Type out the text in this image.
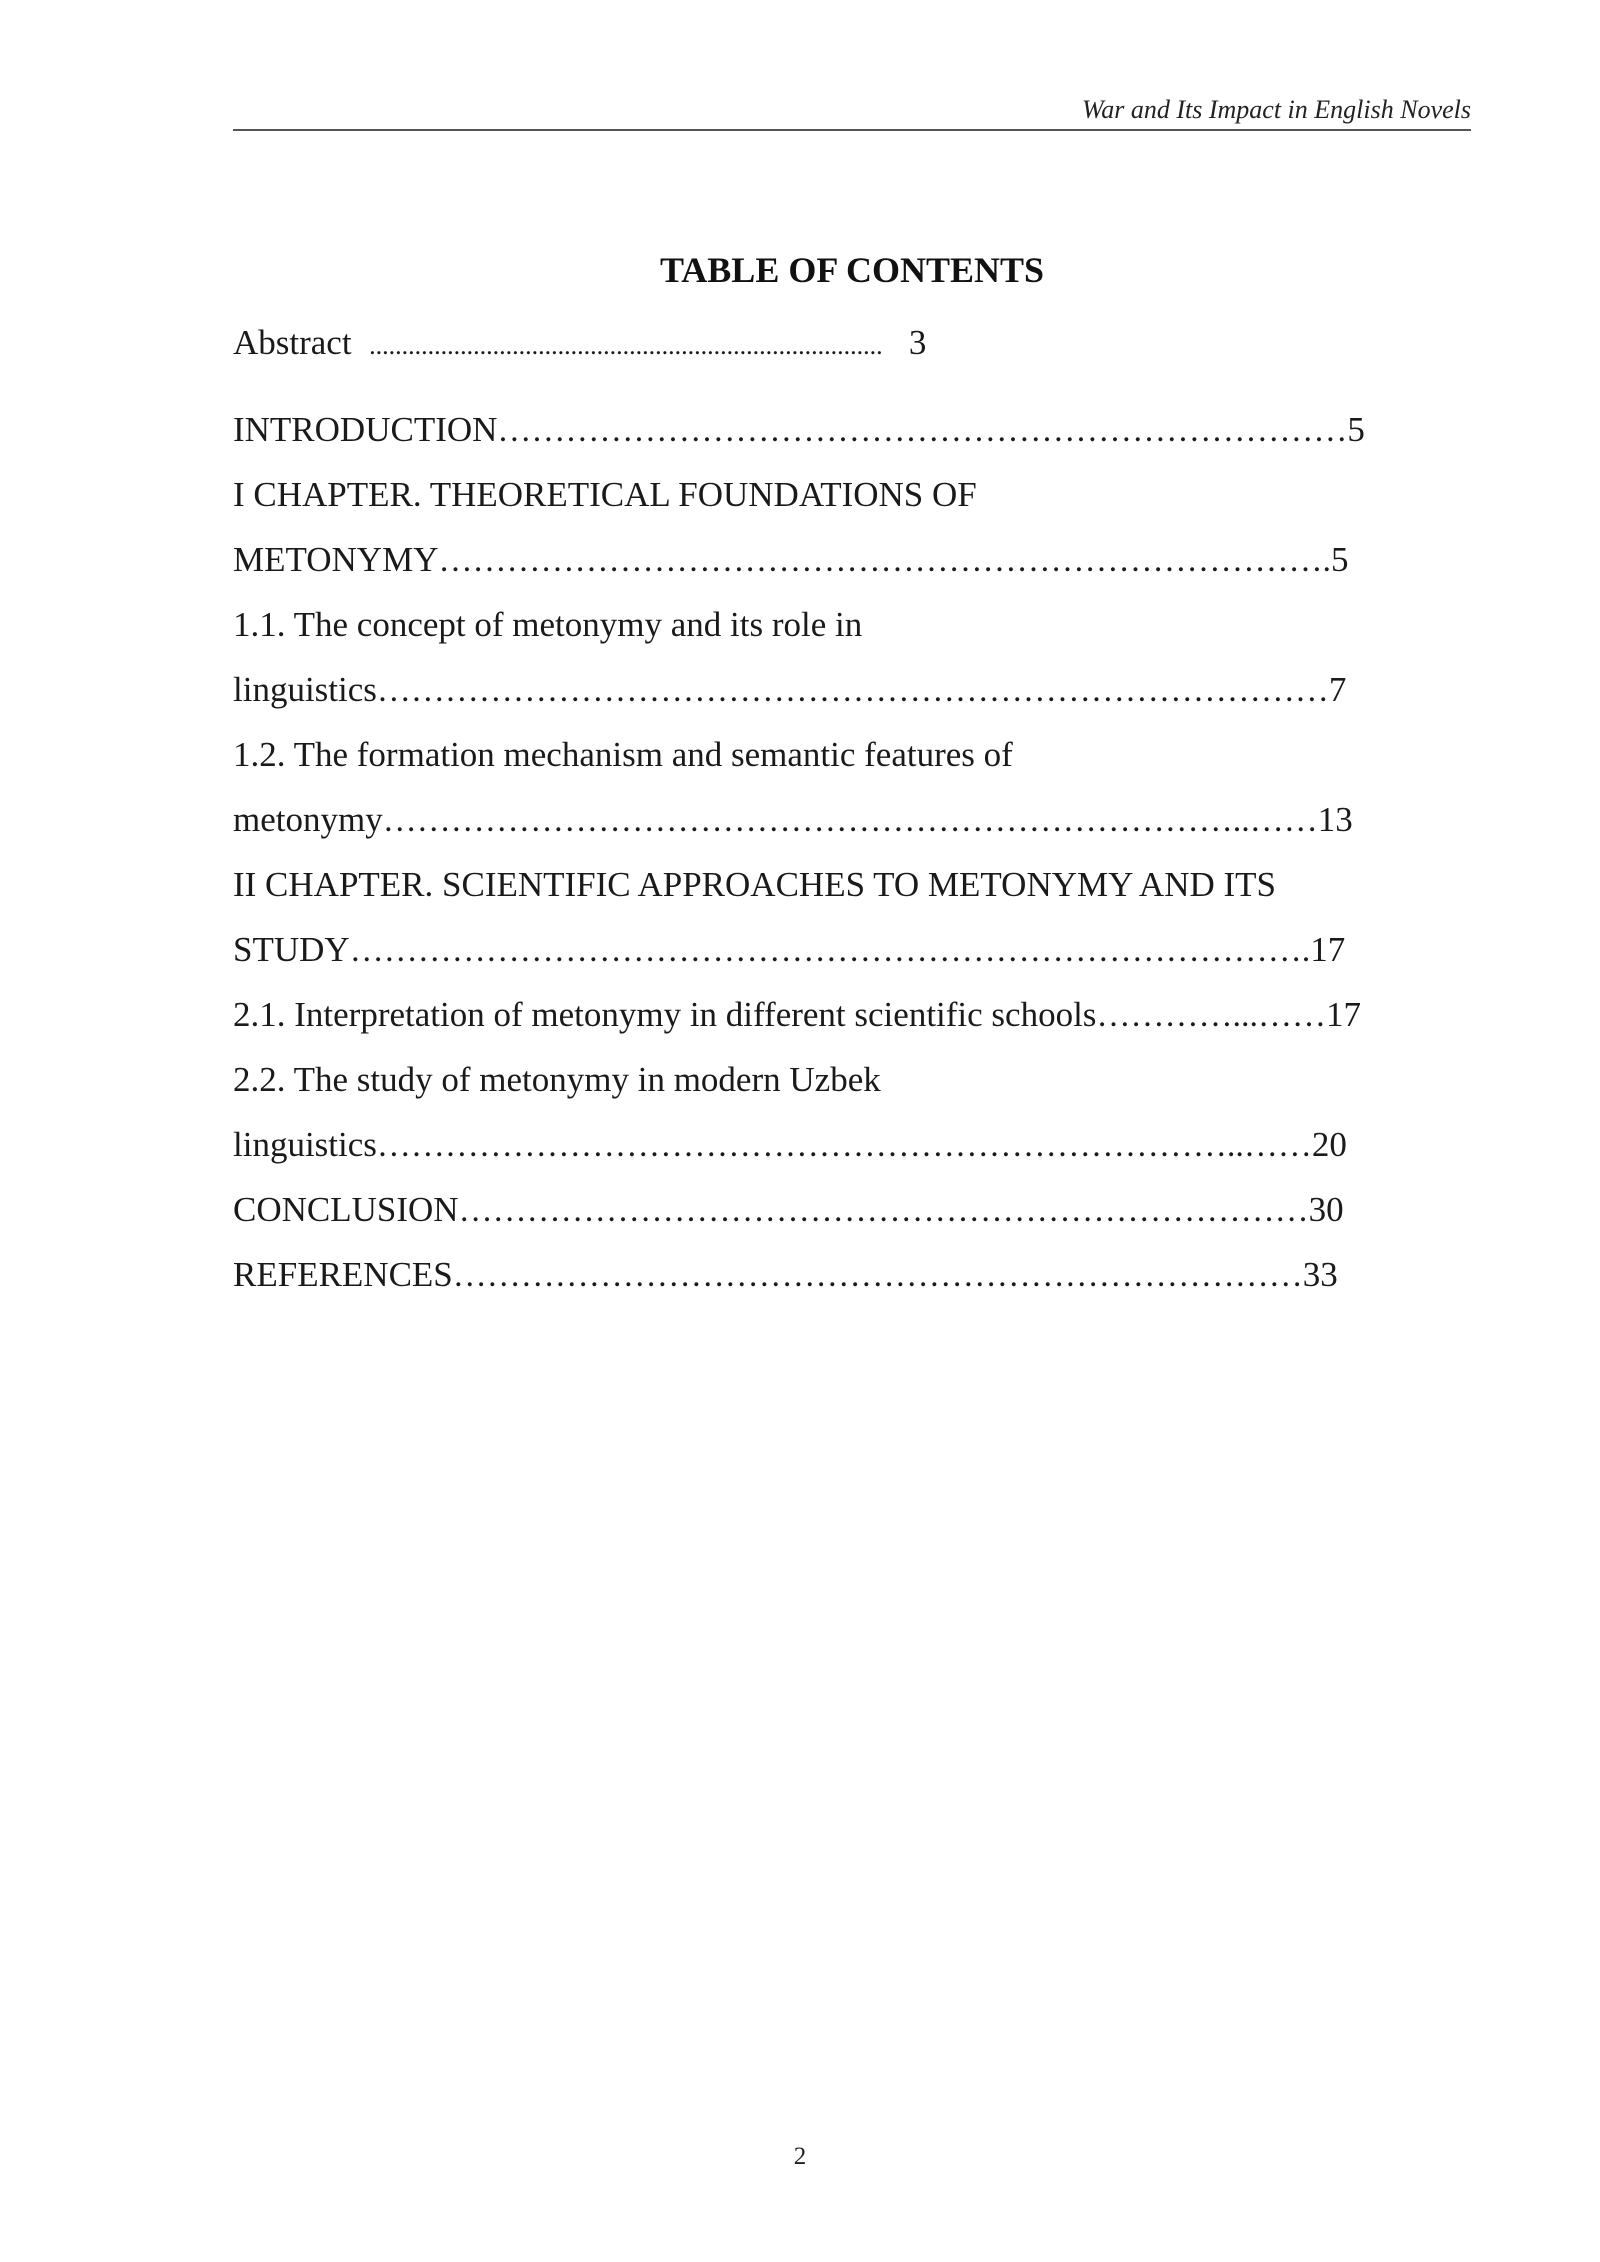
War and Its Impact in English Novels
TABLE OF CONTENTS
Abstract ............................................................................... 3
INTRODUCTION…………………………………………………………………5
I CHAPTER. THEORETICAL FOUNDATIONS OF
METONYMY…………………………………………………………………….5
1.1. The concept of metonymy and its role in
linguistics…………………………………………………………………………7
1.2. The formation mechanism and semantic features of
metonymy…………………………………………………………………..……13
II CHAPTER. SCIENTIFIC APPROACHES TO METONYMY AND ITS
STUDY………………………………………………………………………….17
2.1. Interpretation of metonymy in different scientific schools…………...……17
2.2. The study of metonymy in modern Uzbek
linguistics…………………………………………………………………..……20
CONCLUSION…………………………………………………………………30
REFERENCES…………………………………………………………………33
2
